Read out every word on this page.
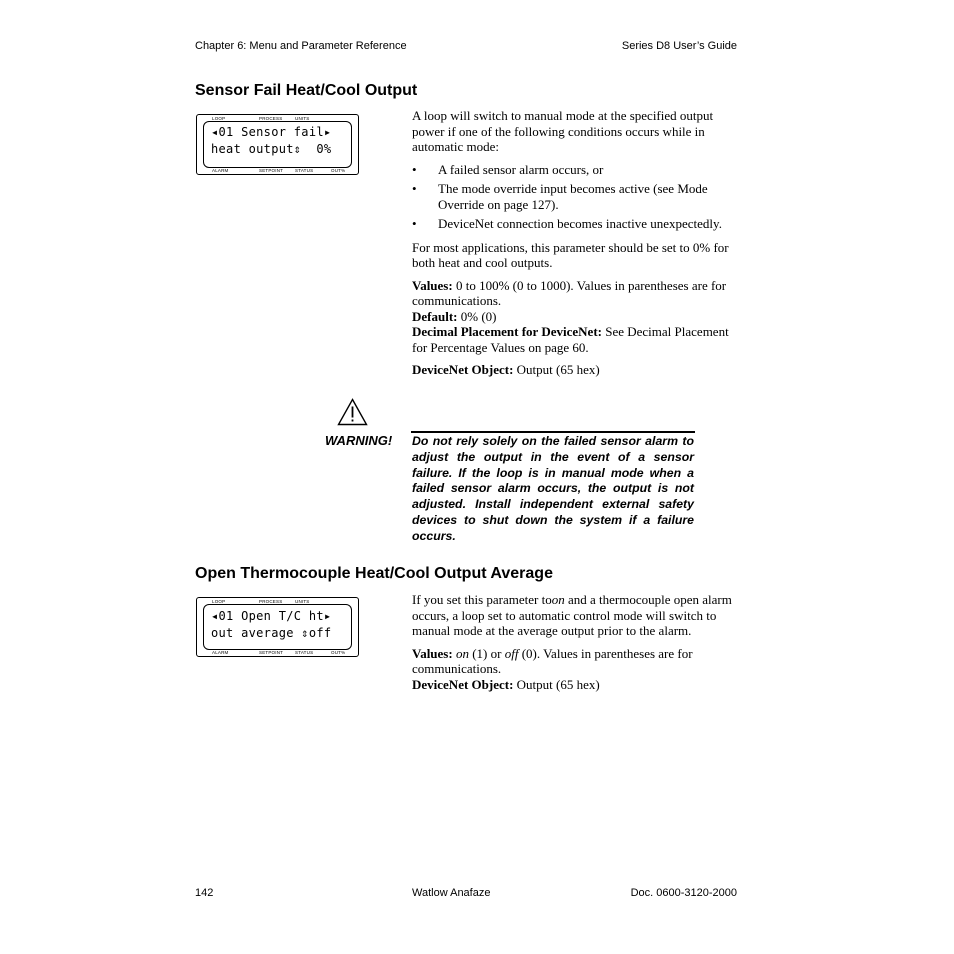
Chapter 6: Menu and Parameter Reference	Series D8 User’s Guide
Sensor Fail Heat/Cool Output
LOOP	PROCESS	UNITS
◂01 Sensor fail▸
heat output⇕  0%
ALARM	SETPOINT	STATUS	OUT%

A loop will switch to manual mode at the specified output power if one of the following conditions occurs while in automatic mode:

• A failed sensor alarm occurs, or
• The mode override input becomes active (see Mode Override on page 127).
• DeviceNet connection becomes inactive unexpectedly.

For most applications, this parameter should be set to 0% for both heat and cool outputs.

Values: 0 to 100% (0 to 1000). Values in parentheses are for communications.

Default: 0% (0)

Decimal Placement for DeviceNet: See Decimal Placement for Percentage Values on page 60.

DeviceNet Object: Output (65 hex)

WARNING! Do not rely solely on the failed sensor alarm to adjust the output in the event of a sensor failure. If the loop is in manual mode when a failed sensor alarm occurs, the output is not adjusted. Install independent external safety devices to shut down the system if a failure occurs.
Open Thermocouple Heat/Cool Output Average
LOOP	PROCESS	UNITS
◂01 Open T/C ht▸
out average ⇕off
ALARM	SETPOINT	STATUS	OUT%

If you set this parameter toon and a thermocouple open alarm occurs, a loop set to automatic control mode will switch to manual mode at the average output prior to the alarm.

Values: on (1) or off (0). Values in parentheses are for communications.

DeviceNet Object: Output (65 hex)

142	Watlow Anafaze	Doc. 0600-3120-2000
